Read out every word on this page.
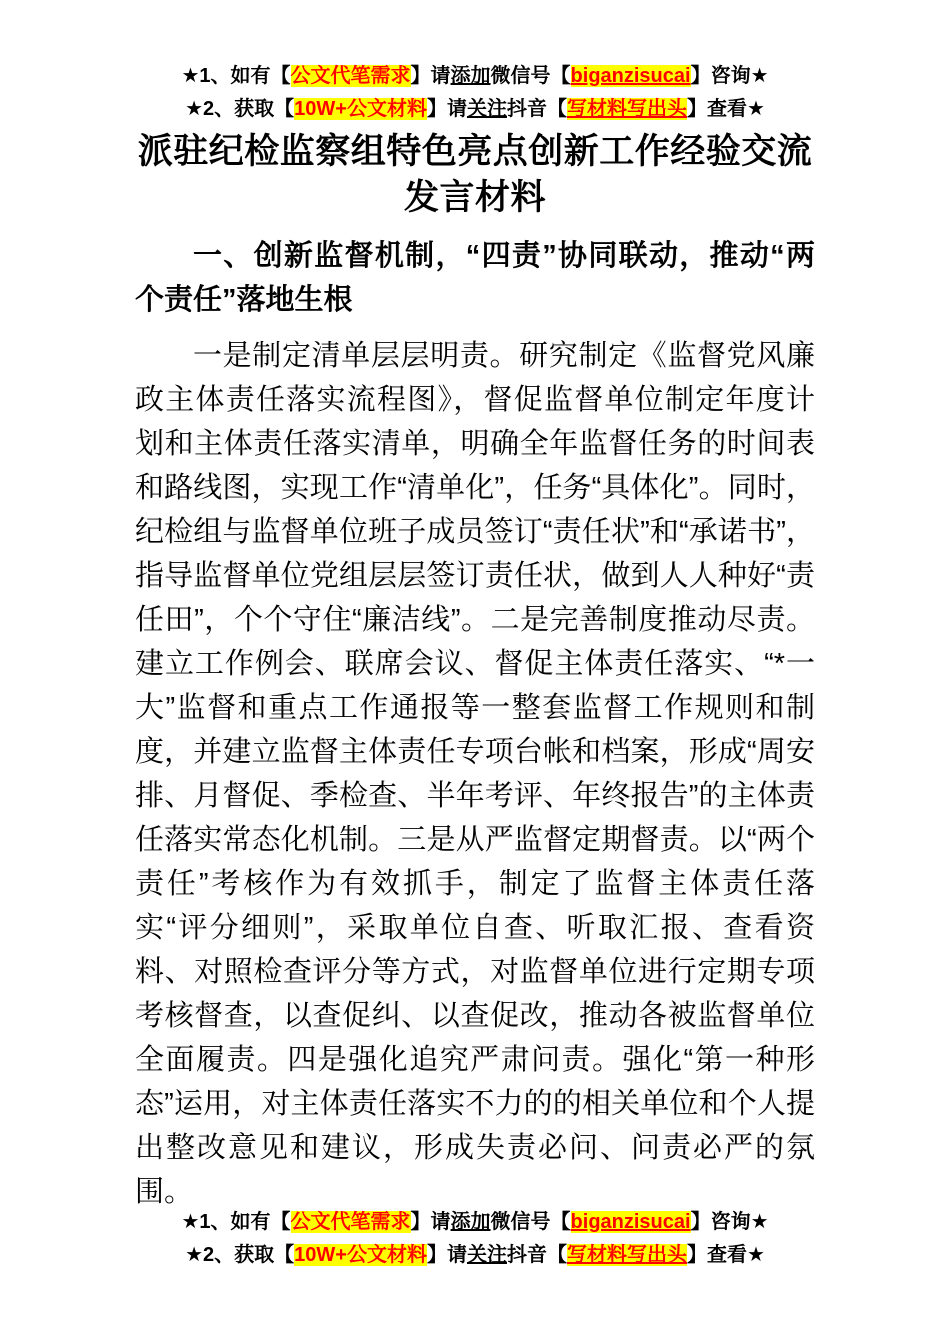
★1、如有【公文代笔需求】请添加微信号【biganzisucai】咨询★

★2、获取【10W+公文材料】请关注抖音【写材料写出头】查看★

派驻纪检监察组特色亮点创新工作经验交流
发言材料

一、创新监督机制，“四责”协同联动，推动“两个责任”落地生根

一是制定清单层层明责。研究制定《监督党风廉政主体责任落实流程图》，督促监督单位制定年度计划和主体责任落实清单，明确全年监督任务的时间表和路线图，实现工作“清单化”，任务“具体化”。同时，纪检组与监督单位班子成员签订“责任状”和“承诺书”，指导监督单位党组层层签订责任状，做到人人种好“责任田”，个个守住“廉洁线”。二是完善制度推动尽责。建立工作例会、联席会议、督促主体责任落实、“*一大”监督和重点工作通报等一整套监督工作规则和制度，并建立监督主体责任专项台帐和档案，形成“周安排、月督促、季检查、半年考评、年终报告”的主体责任落实常态化机制。三是从严监督定期督责。以“两个责任”考核作为有效抓手，制定了监督主体责任落实“评分细则”，采取单位自查、听取汇报、查看资料、对照检查评分等方式，对监督单位进行定期专项考核督查，以查促纠、以查促改，推动各被监督单位全面履责。四是强化追究严肃问责。强化“第一种形态”运用，对主体责任落实不力的的相关单位和个人提出整改意见和建议，形成失责必问、问责必严的氛围。

★1、如有【公文代笔需求】请添加微信号【biganzisucai】咨询★

★2、获取【10W+公文材料】请关注抖音【写材料写出头】查看★
